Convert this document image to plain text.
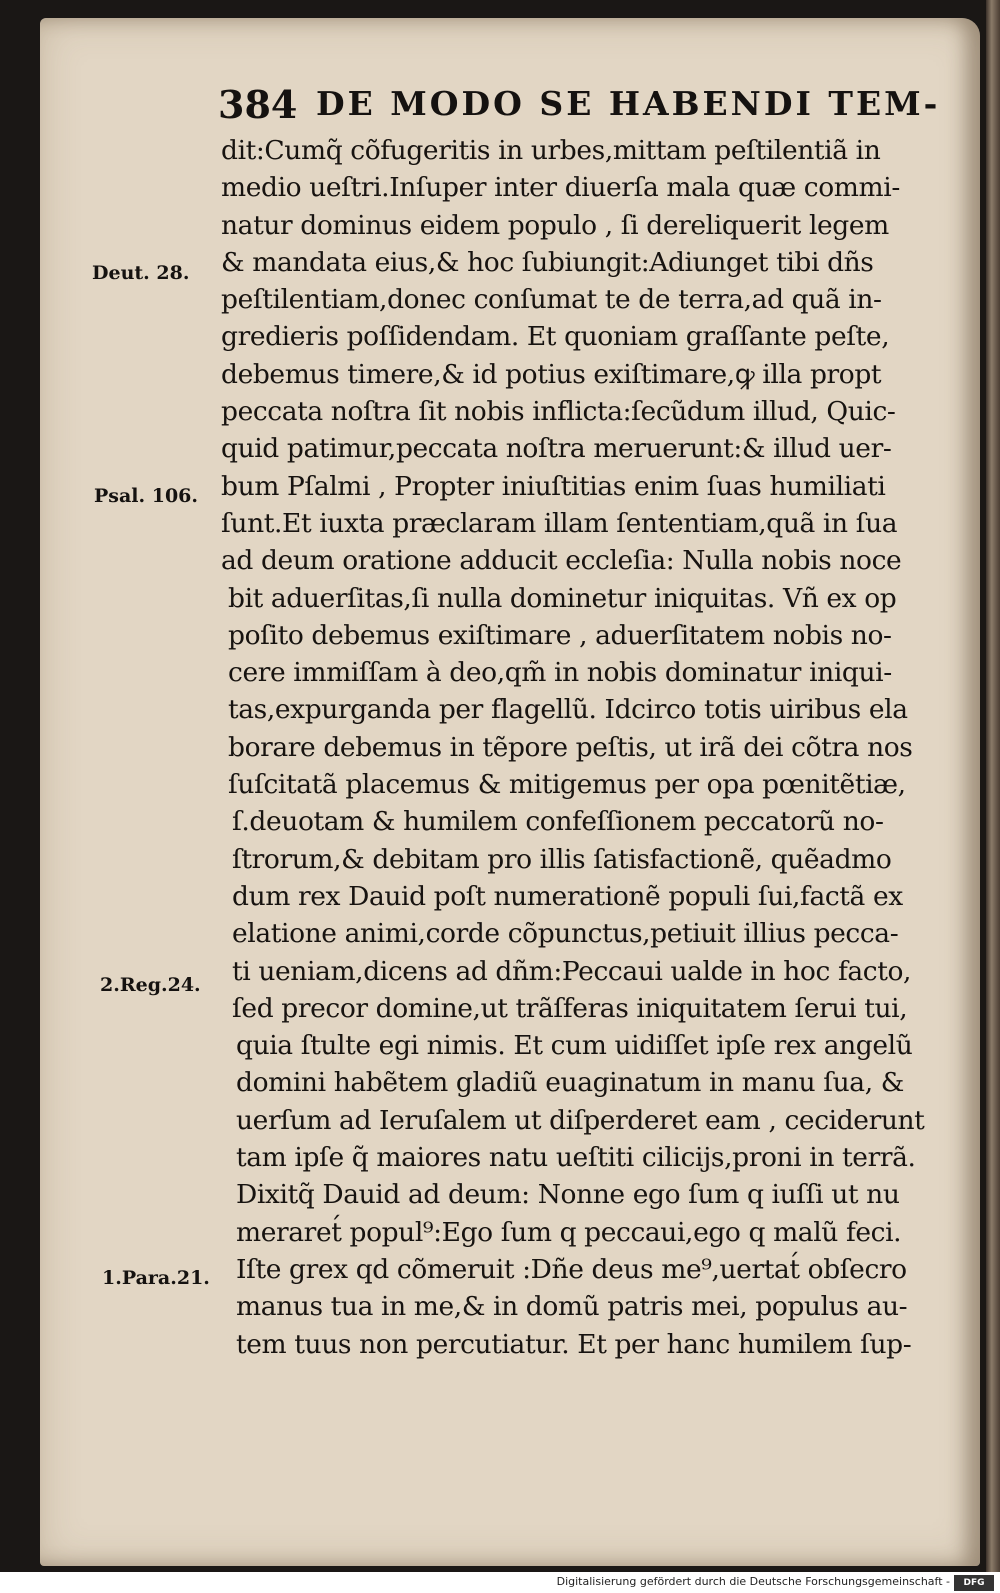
384 DE MODO SE HABENDI TEM-
Deut. 28.
Psal. 106.
2.Reg.24.
1.Para.21.
dit:Cumq̃ cõfugeritis in urbes,mittam peſtilentiã in
medio ueſtri.Inſuper inter diuerſa mala quæ commi-
natur dominus eidem populo , ſi dereliquerit legem
& mandata eius,& hoc ſubiungit:Adiunget tibi dñs
peſtilentiam,donec conſumat te de terra,ad quã in-
gredieris poſſidendam. Et quoniam graſſante peſte,
debemus timere,& id potius exiſtimare,ꝙ illa propt
peccata noſtra ſit nobis inflicta:ſecũdum illud, Quic-
quid patimur,peccata noſtra meruerunt:& illud uer-
bum Pſalmi , Propter iniuſtitias enim ſuas humiliati
ſunt.Et iuxta præclaram illam ſententiam,quã in ſua
ad deum oratione adducit eccleſia: Nulla nobis noce
bit aduerſitas,ſi nulla dominetur iniquitas. Vñ ex op
poſito debemus exiſtimare , aduerſitatem nobis no-
cere immiſſam à deo,qm̃ in nobis dominatur iniqui-
tas,expurganda per flagellũ. Idcirco totis uiribus ela
borare debemus in tẽpore peſtis, ut irã dei cõtra nos
ſuſcitatã placemus & mitigemus per opa pœnitẽtiæ,
ſ.deuotam & humilem confeſſionem peccatorũ no-
ſtrorum,& debitam pro illis ſatisfactionẽ, quẽadmo
dum rex Dauid poſt numerationẽ populi ſui,factã ex
elatione animi,corde cõpunctus,petiuit illius pecca-
ti ueniam,dicens ad dñm:Peccaui ualde in hoc facto,
ſed precor domine,ut trãſferas iniquitatem ſerui tui,
quia ſtulte egi nimis. Et cum uidiſſet ipſe rex angelũ
domini habẽtem gladiũ euaginatum in manu ſua, &
uerſum ad Ieruſalem ut diſperderet eam , ceciderunt
tam ipſe q̃ maiores natu ueſtiti cilicijs,proni in terrã.
Dixitq̃ Dauid ad deum: Nonne ego ſum q iuſſi ut nu
meraret́ popul⁹:Ego ſum q peccaui,ego q malũ feci.
Iſte grex qd cõmeruit :Dñe deus me⁹,uertat́ obſecro
manus tua in me,& in domũ patris mei, populus au-
tem tuus non percutiatur. Et per hanc humilem ſup-
Digitalisierung gefördert durch die Deutsche Forschungsgemeinschaft -	DFG
